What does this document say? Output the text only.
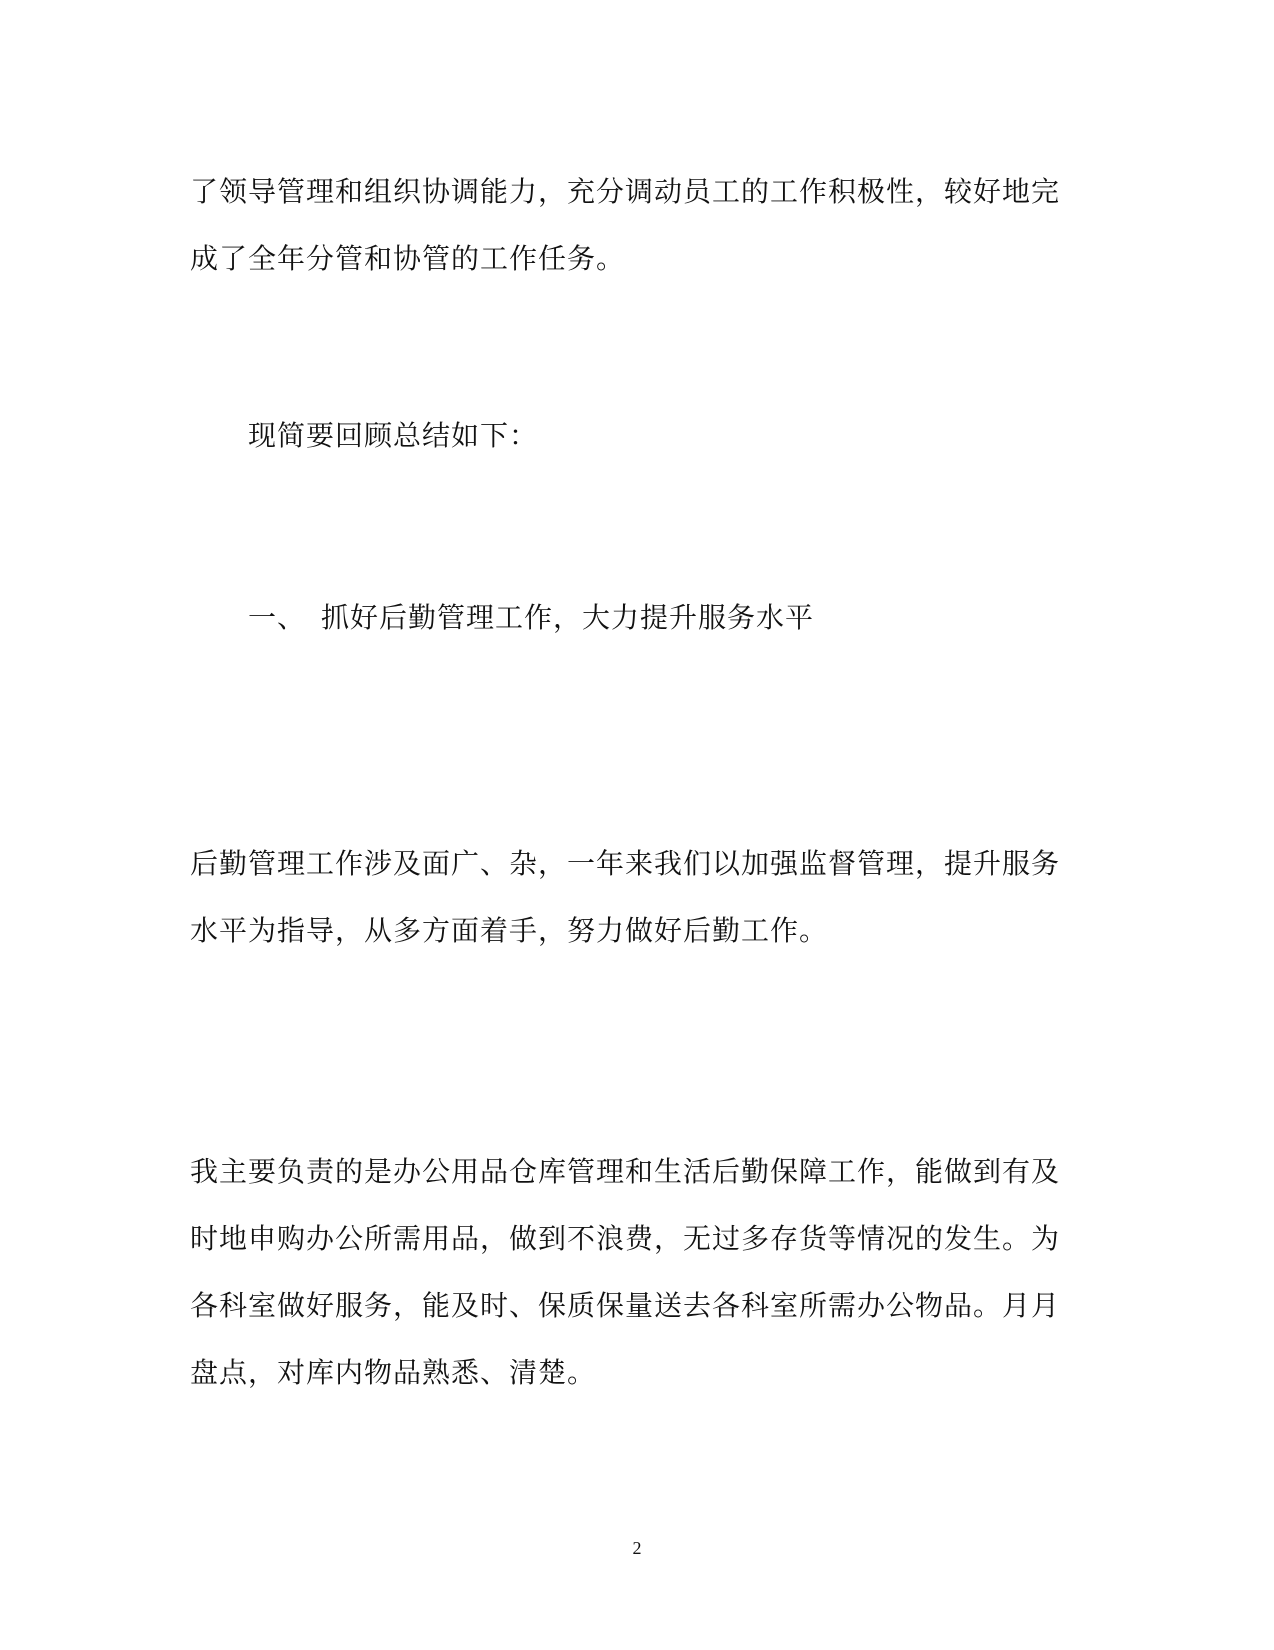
了领导管理和组织协调能力，充分调动员工的工作积极性，较好地完
成了全年分管和协管的工作任务。

现简要回顾总结如下：

一、 抓好后勤管理工作，大力提升服务水平

后勤管理工作涉及面广、杂，一年来我们以加强监督管理，提升服务
水平为指导，从多方面着手，努力做好后勤工作。

我主要负责的是办公用品仓库管理和生活后勤保障工作，能做到有及
时地申购办公所需用品，做到不浪费，无过多存货等情况的发生。为
各科室做好服务，能及时、保质保量送去各科室所需办公物品。月月
盘点，对库内物品熟悉、清楚。

2
